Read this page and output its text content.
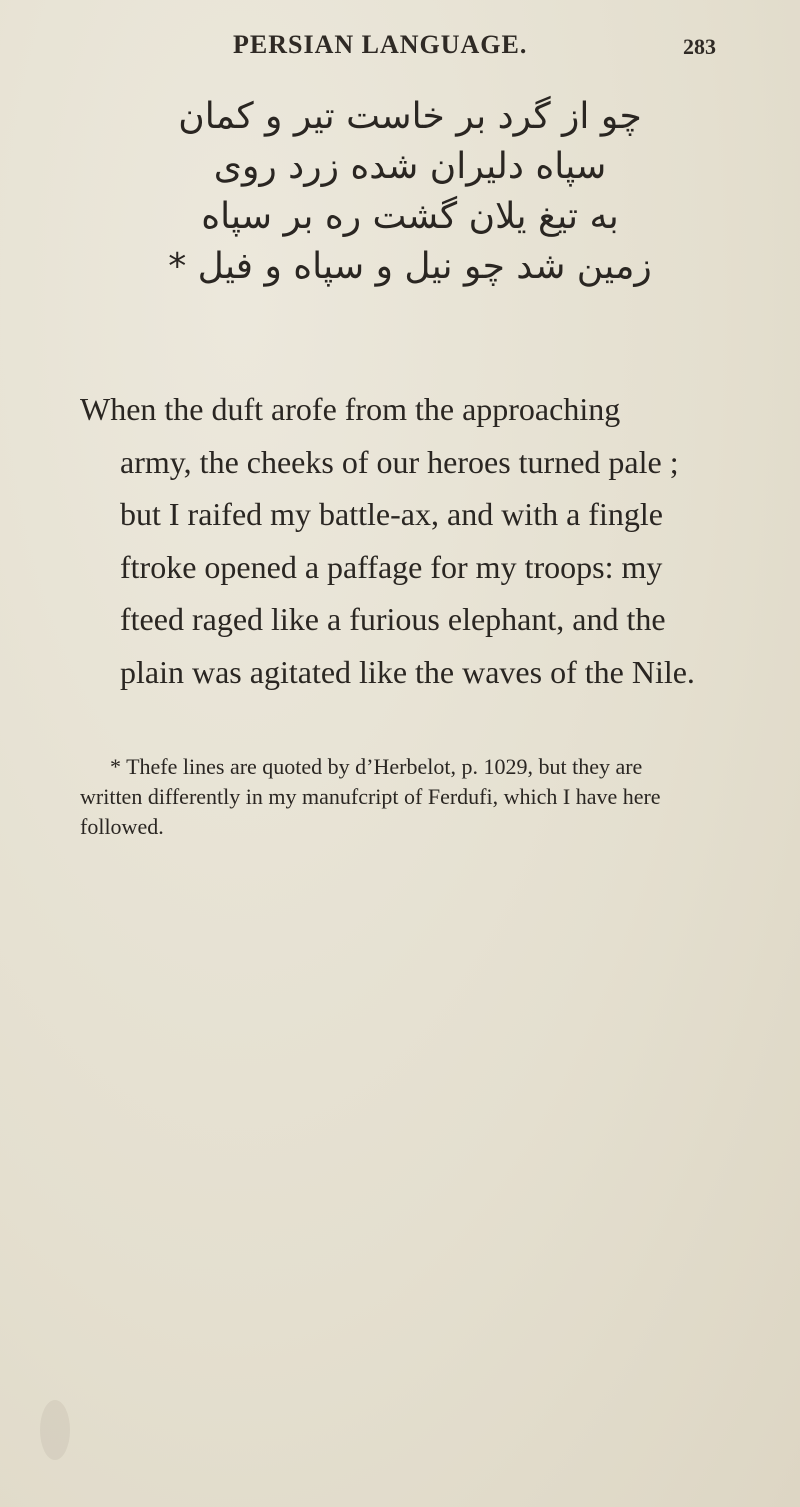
PERSIAN LANGUAGE.	283
چو از گرد بر خاست تیر و کمان
سپاه دلیران شده زرد روی
به تیغ یلان گشت ره بر سپاه
زمین شد چو نیل و سپاه و فیل *
When the duft arofe from the approaching
army, the cheeks of our heroes turned pale ;
but I raifed my battle-ax, and with a fingle
ftroke opened a paffage for my troops: my
fteed raged like a furious elephant, and the
plain was agitated like the waves of the Nile.
* Thefe lines are quoted by d’Herbelot, p. 1029, but they are
written differently in my manufcript of Ferdufi, which I have here
followed.
